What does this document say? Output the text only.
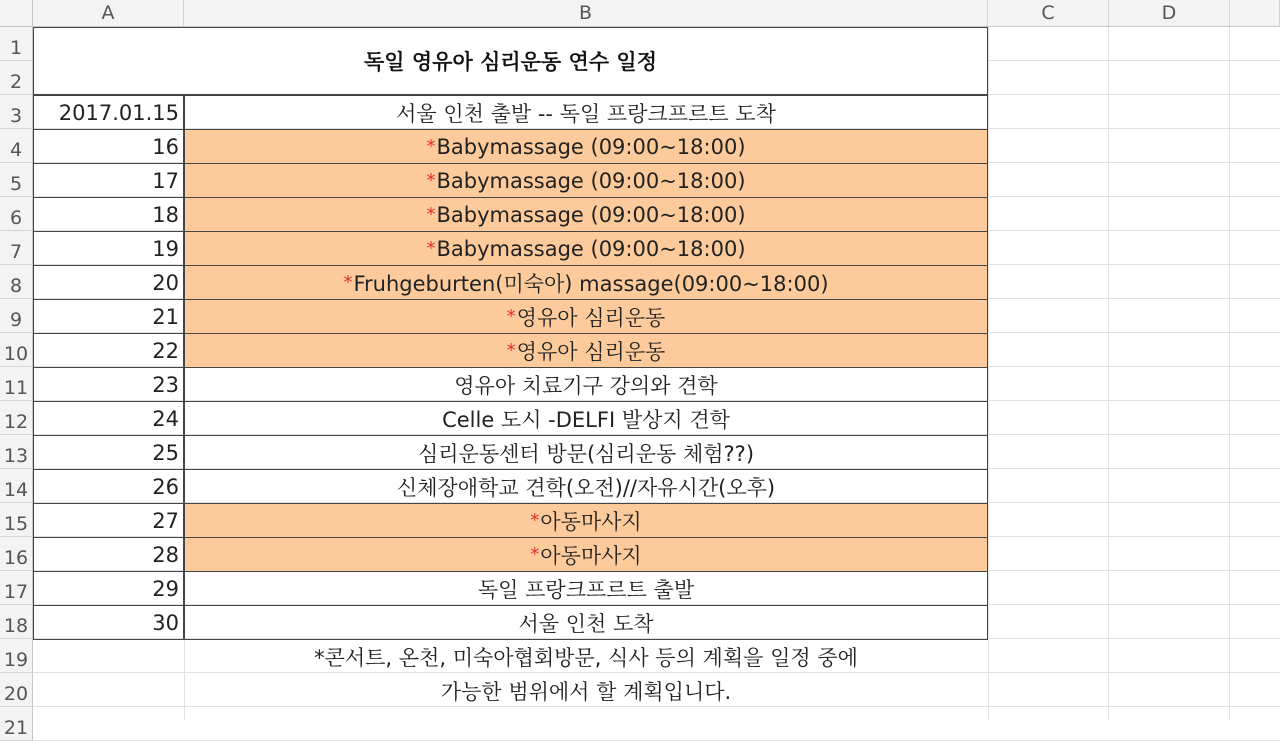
A	B	C	D
1
2
3
4
5
6
7
8
9
10
11
12
13
14
15
16
17
18
19
20
21
독일 영유아 심리운동 연수 일정
2017.01.15	서울 인천 출발 -- 독일 프랑크프르트 도착
16	* Babymassage (09:00~18:00)
17	* Babymassage (09:00~18:00)
18	* Babymassage (09:00~18:00)
19	* Babymassage (09:00~18:00)
20	* Fruhgeburten(미숙아) massage(09:00~18:00)
21	* 영유아 심리운동
22	* 영유아 심리운동
23	영유아 치료기구 강의와 견학
24	Celle 도시 -DELFI 발상지 견학
25	심리운동센터 방문(심리운동 체험??)
26	신체장애학교 견학(오전)//자유시간(오후)
27	* 아동마사지
28	* 아동마사지
29	독일 프랑크프르트 출발
30	서울 인천 도착
*콘서트, 온천, 미숙아협회방문, 식사 등의 계획을 일정 중에
가능한 범위에서 할 계획입니다.
